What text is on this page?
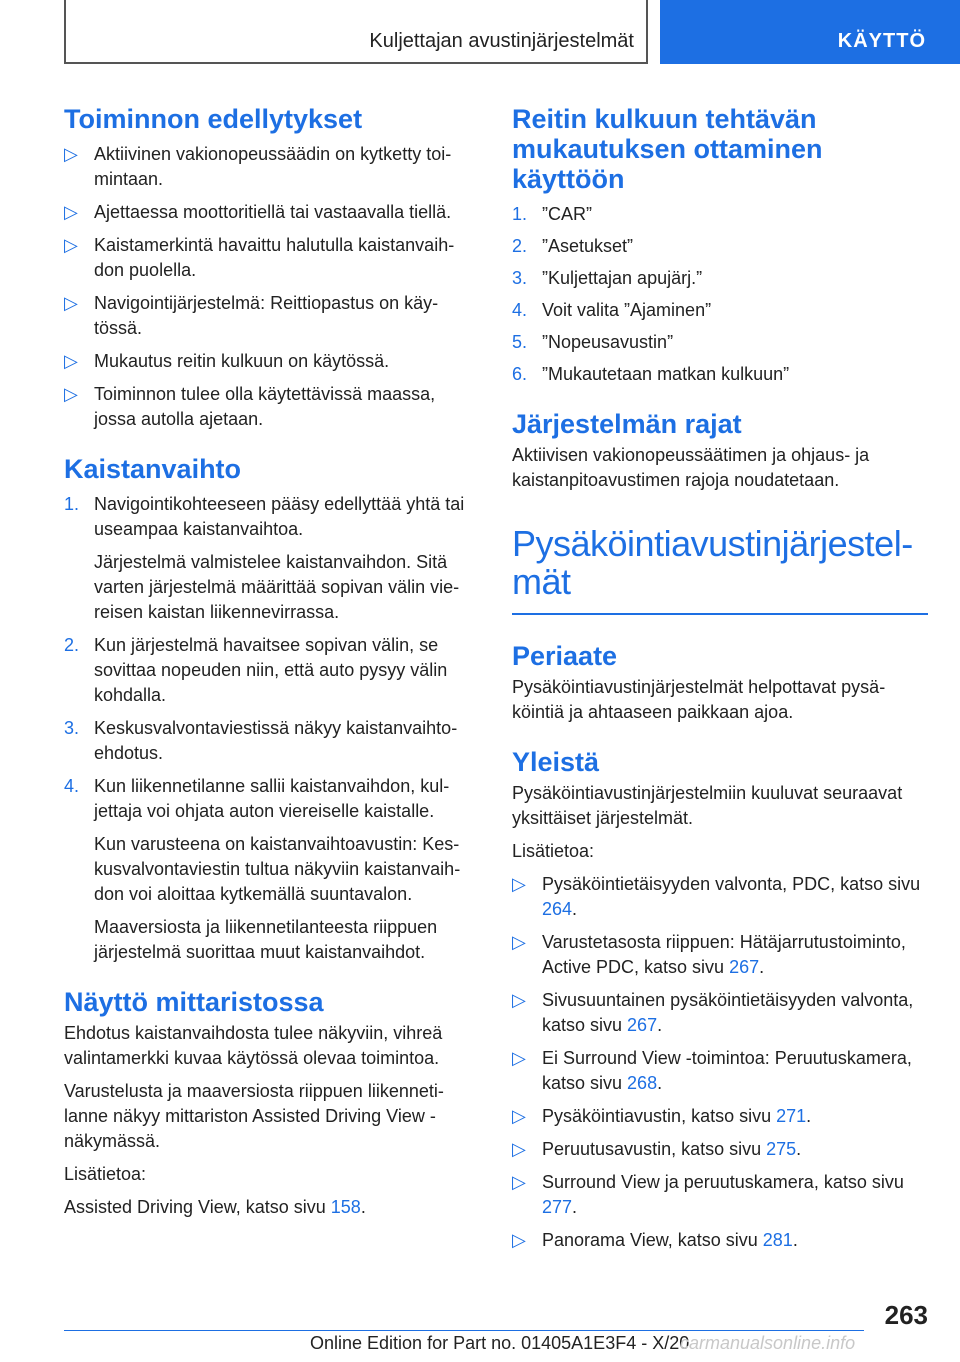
Kuljettajan avustinjärjestelmät	KÄYTTÖ
Toiminnon edellytykset
▷ Aktiivinen vakionopeussäädin on kytketty toimintaan.
▷ Ajettaessa moottoritiellä tai vastaavalla tiellä.
▷ Kaistamerkintä havaittu halutulla kaistanvaihdon puolella.
▷ Navigointijärjestelmä: Reittiopastus on käytössä.
▷ Mukautus reitin kulkuun on käytössä.
▷ Toiminnon tulee olla käytettävissä maassa, jossa autolla ajetaan.
Kaistanvaihto
1. Navigointikohteeseen pääsy edellyttää yhtä tai useampaa kaistanvaihtoa.

Järjestelmä valmistelee kaistanvaihdon. Sitä varten järjestelmä määrittää sopivan välin viereisen kaistan liikennevirrassa.

2. Kun järjestelmä havaitsee sopivan välin, se sovittaa nopeuden niin, että auto pysyy välin kohdalla.
3. Keskusvalvontaviestissä näkyy kaistanvaihtoehdotus.
4. Kun liikennetilanne sallii kaistanvaihdon, kuljettaja voi ohjata auton viereiselle kaistalle.

Kun varusteena on kaistanvaihtoavustin: Keskusvalvontaviestin tultua näkyviin kaistanvaihdon voi aloittaa kytkemällä suuntavalon.

Maaversiosta ja liikennetilanteesta riippuen järjestelmä suorittaa muut kaistanvaihdot.

Näyttö mittaristossa

Ehdotus kaistanvaihdosta tulee näkyviin, vihreä valintamerkki kuvaa käytössä olevaa toimintoa.

Varustelusta ja maaversiosta riippuen liikennetilanne näkyy mittariston Assisted Driving View -näkymässä.

Lisätietoa:

Assisted Driving View, katso sivu 158.

Reitin kulkuun tehtävän mukautuksen ottaminen käyttöön
1. ”CAR”
2. ”Asetukset”
3. ”Kuljettajan apujärj.”
4. Voit valita ”Ajaminen”
5. ”Nopeusavustin”
6. ”Mukautetaan matkan kulkuun”
Järjestelmän rajat

Aktiivisen vakionopeussäätimen ja ohjaus- ja kaistanpitoavustimen rajoja noudatetaan.

Pysäköintiavustinjärjestelmät
Periaate

Pysäköintiavustinjärjestelmät helpottavat pysäköintiä ja ahtaaseen paikkaan ajoa.

Yleistä

Pysäköintiavustinjärjestelmiin kuuluvat seuraavat yksittäiset järjestelmät.

Lisätietoa:

▷ Pysäköintietäisyyden valvonta, PDC, katso sivu 264.
▷ Varustetasosta riippuen: Hätäjarrutustoiminto, Active PDC, katso sivu 267.
▷ Sivusuuntainen pysäköintietäisyyden valvonta, katso sivu 267.
▷ Ei Surround View -toimintoa: Peruutuskamera, katso sivu 268.
▷ Pysäköintiavustin, katso sivu 271.
▷ Peruutusavustin, katso sivu 275.
▷ Surround View ja peruutuskamera, katso sivu 277.
▷ Panorama View, katso sivu 281.
263
Online Edition for Part no. 01405A1E3F4 - X/20
carmanualsonline.info
